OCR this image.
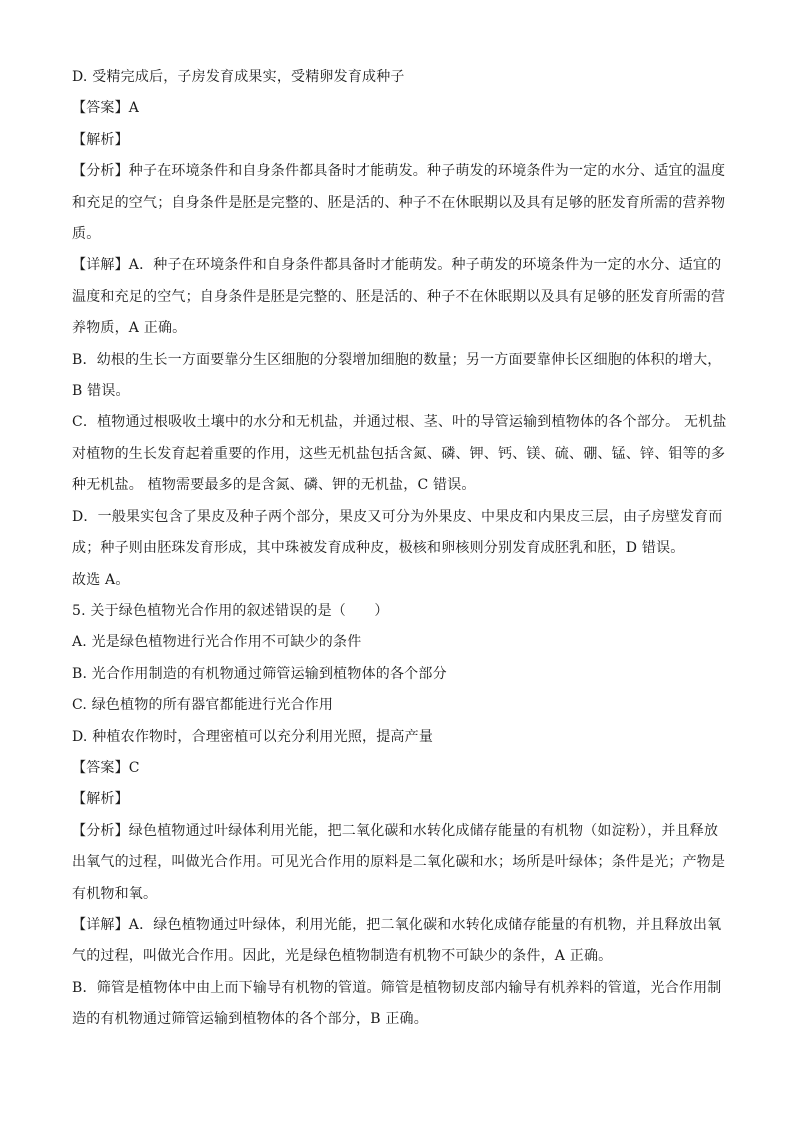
D. 受精完成后，子房发育成果实，受精卵发育成种子
【答案】A
【解析】
【分析】种子在环境条件和自身条件都具备时才能萌发。种子萌发的环境条件为一定的水分、适宜的温度
和充足的空气；自身条件是胚是完整的、胚是活的、种子不在休眠期以及具有足够的胚发育所需的营养物
质。
【详解】A．种子在环境条件和自身条件都具备时才能萌发。种子萌发的环境条件为一定的水分、适宜的
温度和充足的空气；自身条件是胚是完整的、胚是活的、种子不在休眠期以及具有足够的胚发育所需的营
养物质，A 正确。
B．幼根的生长一方面要靠分生区细胞的分裂增加细胞的数量；另一方面要靠伸长区细胞的体积的增大，
B 错误。
C．植物通过根吸收土壤中的水分和无机盐，并通过根、茎、叶的导管运输到植物体的各个部分。 无机盐
对植物的生长发育起着重要的作用，这些无机盐包括含氮、磷、钾、钙、镁、硫、硼、锰、锌、钼等的多
种无机盐。 植物需要最多的是含氮、磷、钾的无机盐，C 错误。
D．一般果实包含了果皮及种子两个部分，果皮又可分为外果皮、中果皮和内果皮三层，由子房壁发育而
成；种子则由胚珠发育形成，其中珠被发育成种皮，极核和卵核则分别发育成胚乳和胚，D 错误。
故选 A。
5. 关于绿色植物光合作用的叙述错误的是（　　）
A. 光是绿色植物进行光合作用不可缺少的条件
B. 光合作用制造的有机物通过筛管运输到植物体的各个部分
C. 绿色植物的所有器官都能进行光合作用
D. 种植农作物时，合理密植可以充分利用光照，提高产量
【答案】C
【解析】
【分析】绿色植物通过叶绿体利用光能，把二氧化碳和水转化成储存能量的有机物（如淀粉），并且释放
出氧气的过程，叫做光合作用。可见光合作用的原料是二氧化碳和水；场所是叶绿体；条件是光；产物是
有机物和氧。
【详解】A．绿色植物通过叶绿体，利用光能，把二氧化碳和水转化成储存能量的有机物，并且释放出氧
气的过程，叫做光合作用。因此，光是绿色植物制造有机物不可缺少的条件，A 正确。
B．筛管是植物体中由上而下输导有机物的管道。筛管是植物韧皮部内输导有机养料的管道，光合作用制
造的有机物通过筛管运输到植物体的各个部分，B 正确。
